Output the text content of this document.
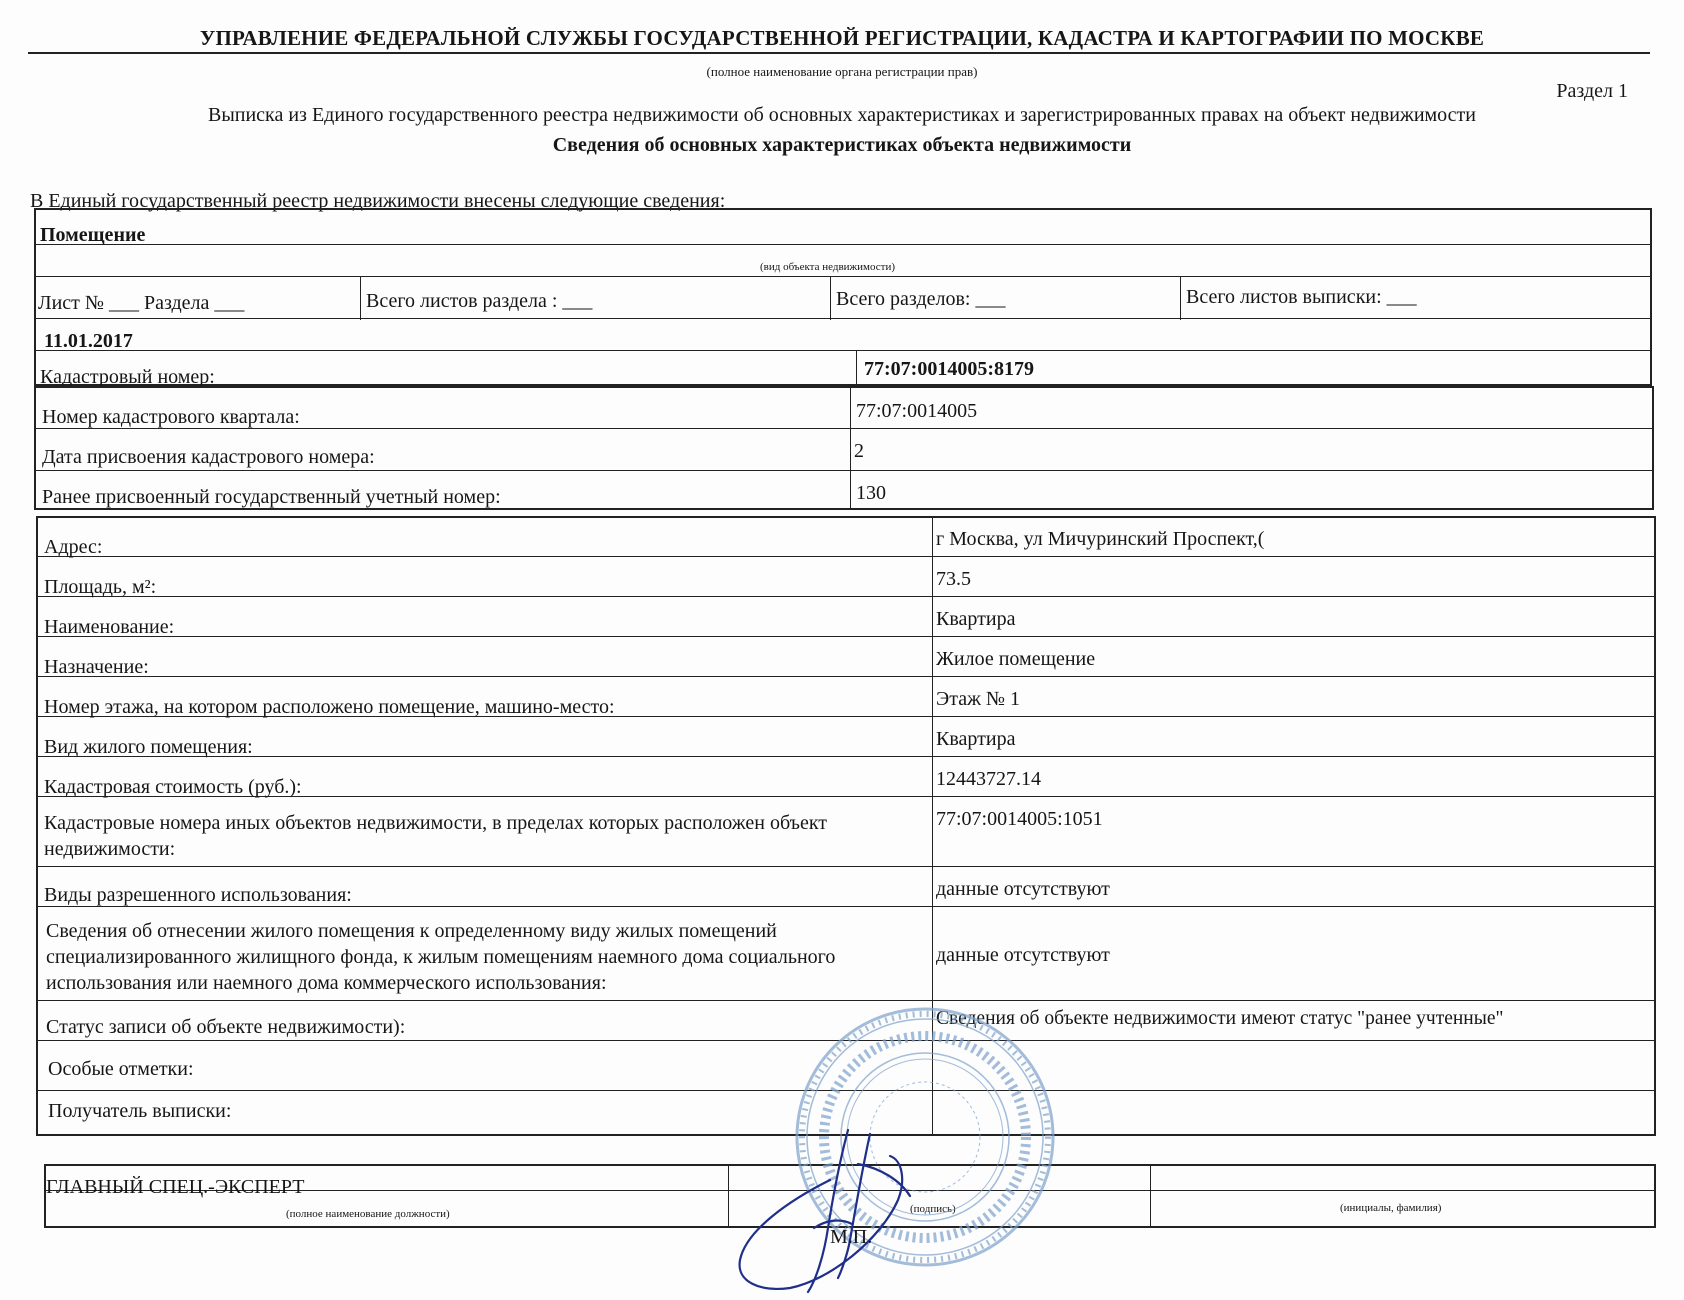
УПРАВЛЕНИЕ ФЕДЕРАЛЬНОЙ СЛУЖБЫ ГОСУДАРСТВЕННОЙ РЕГИСТРАЦИИ, КАДАСТРА И КАРТОГРАФИИ ПО МОСКВЕ
(полное наименование органа регистрации прав)
Раздел 1
Выписка из Единого государственного реестра недвижимости об основных характеристиках и зарегистрированных правах на объект недвижимости
Сведения об основных характеристиках объекта недвижимости
В Единый государственный реестр недвижимости внесены следующие сведения:
Помещение
(вид объекта недвижимости)
Лист № ___ Раздела ___	Всего листов раздела : ___	Всего разделов: ___	Всего листов выписки: ___
11.01.2017
Кадастровый номер:	77:07:0014005:8179
Номер кадастрового квартала:	77:07:0014005
Дата присвоения кадастрового номера:	2
Ранее присвоенный государственный учетный номер:	130
Адрес:	г Москва, ул Мичуринский Проспект,(
Площадь, м²:	73.5
Наименование:	Квартира
Назначение:	Жилое помещение
Номер этажа, на котором расположено помещение, машино-место:	Этаж № 1
Вид жилого помещения:	Квартира
Кадастровая стоимость (руб.):	12443727.14
Кадастровые номера иных объектов недвижимости, в пределах которых расположен объект недвижимости:
77:07:0014005:1051
Виды разрешенного использования:	данные отсутствуют
Сведения об отнесении жилого помещения к определенному виду жилых помещений специализированного жилищного фонда, к жилым помещениям наемного дома социального использования или наемного дома коммерческого использования:
данные отсутствуют
Статус записи об объекте недвижимости):	Сведения об объекте недвижимости имеют статус "ранее учтенные"
Особые отметки:
Получатель выписки:
_____
ГЛАВНЫЙ СПЕЦ.-ЭКСПЕРТ
(полное наименование должности)	(подпись)	(инициалы, фамилия)
М.П.
